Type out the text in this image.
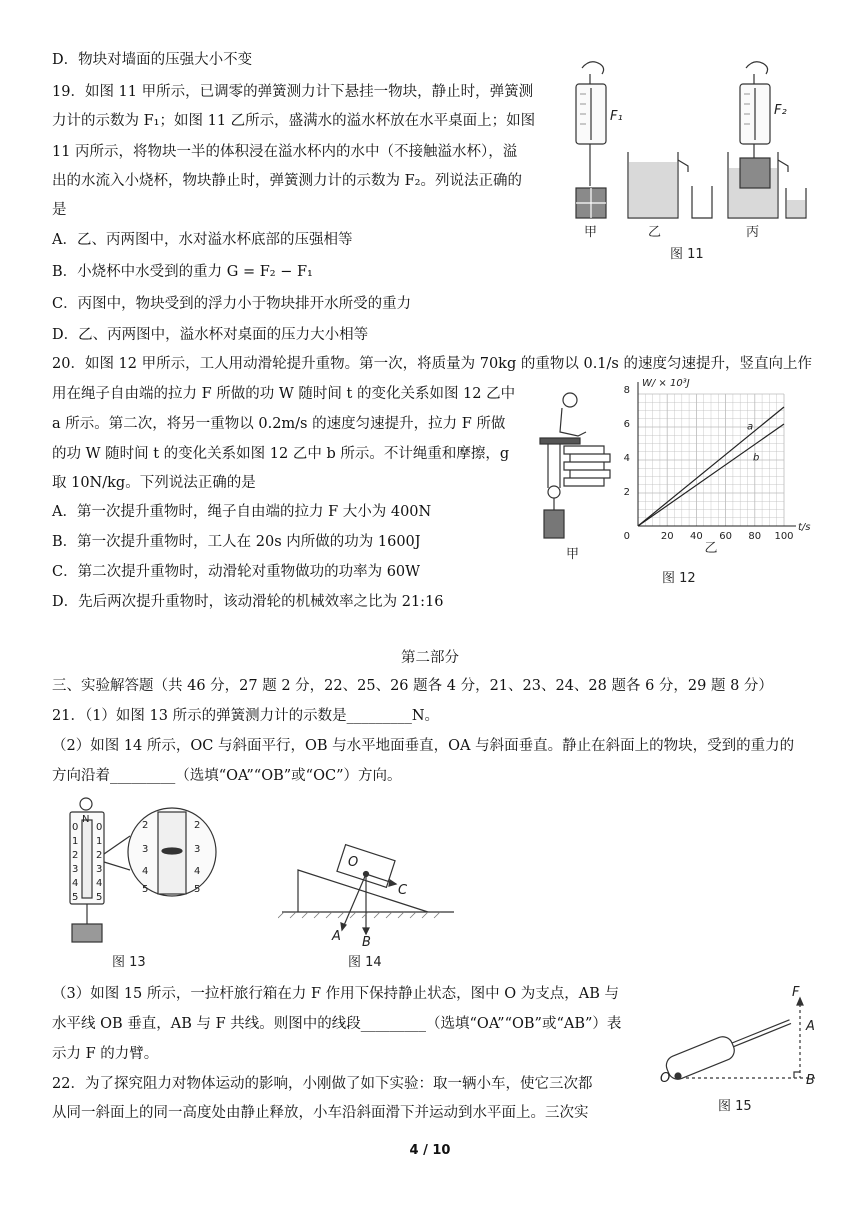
D．物块对墙面的压强大小不变
19．如图 11 甲所示，已调零的弹簧测力计下悬挂一物块，静止时，弹簧测
力计的示数为 F₁；如图 11 乙所示，盛满水的溢水杯放在水平桌面上；如图
11 丙所示，将物块一半的体积浸在溢水杯内的水中（不接触溢水杯），溢
出的水流入小烧杯，物块静止时，弹簧测力计的示数为 F₂。列说法正确的
是
A．乙、丙两图中，水对溢水杯底部的压强相等
B．小烧杯中水受到的重力 G = F₂ − F₁
C．丙图中，物块受到的浮力小于物块排开水所受的重力
D．乙、丙两图中，溢水杯对桌面的压力大小相等
20．如图 12 甲所示，工人用动滑轮提升重物。第一次，将质量为 70kg 的重物以 0.1/s 的速度匀速提升，竖直向上作
用在绳子自由端的拉力 F 所做的功 W 随时间 t 的变化关系如图 12 乙中
a 所示。第二次，将另一重物以 0.2m/s 的速度匀速提升，拉力 F 所做
的功 W 随时间 t 的变化关系如图 12 乙中 b 所示。不计绳重和摩擦，g
取 10N/kg。下列说法正确的是
A．第一次提升重物时，绳子自由端的拉力 F 大小为 400N
B．第一次提升重物时，工人在 20s 内所做的功为 1600J
C．第二次提升重物时，动滑轮对重物做功的功率为 60W
D．先后两次提升重物时，该动滑轮的机械效率之比为 21:16
第二部分
三、实验解答题（共 46 分，27 题 2 分，22、25、26 题各 4 分，21、23、24、28 题各 6 分，29 题 8 分）
21．（1）如图 13 所示的弹簧测力计的示数是_________N。
（2）如图 14 所示，OC 与斜面平行，OB 与水平地面垂直，OA 与斜面垂直。静止在斜面上的物块，受到的重力的
方向沿着_________（选填“OA”“OB”或“OC”）方向。
（3）如图 15 所示，一拉杆旅行箱在力 F 作用下保持静止状态，图中 O 为支点，AB 与
水平线 OB 垂直，AB 与 F 共线。则图中的线段_________（选填“OA”“OB”或“AB”）表
示力 F 的力臂。
22．为了探究阻力对物体运动的影响，小刚做了如下实验：取一辆小车，使它三次都
从同一斜面上的同一高度处由静止释放，小车沿斜面滑下并运动到水平面上。三次实
4 / 10
F₁	F₂
甲	乙	丙
图 11
甲
20 40 60 80 100
2
4
6
8
0
t/s
W/ × 10³J
乙
a
b
图 12
N
0
1
2
3
4
5
0
1
2
3
4
5
2
3
4
5
2
3
4
5
图 13
O
A B
C
图 14
F
A
O	B
图 15
